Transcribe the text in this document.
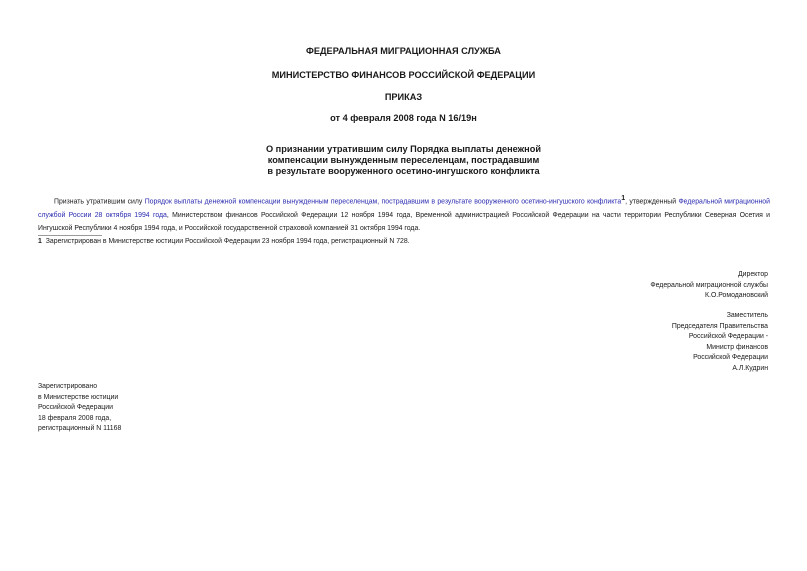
ФЕДЕРАЛЬНАЯ МИГРАЦИОННАЯ СЛУЖБА

МИНИСТЕРСТВО ФИНАНСОВ РОССИЙСКОЙ ФЕДЕРАЦИИ

ПРИКАЗ

от 4 февраля 2008 года N 16/19н

О признании утратившим силу Порядка выплаты денежной

компенсации вынужденным переселенцам, пострадавшим

в результате вооруженного осетино-ингушского конфликта

Признать утратившим силу Порядок выплаты денежной компенсации вынужденным переселенцам, пострадавшим в результате вооруженного осетино-ингушского конфликта$^1$, утвержденный Федеральной миграционной службой России 28 октября 1994 года, Министерством финансов Российской Федерации 12 ноября 1994 года, Временной администрацией Российской Федерации на части территории Республики Северная Осетия и Ингушской Республики 4 ноября 1994 года, и Российской государственной страховой компанией 31 октября 1994 года.

1 Зарегистрирован в Министерстве юстиции Российской Федерации 23 ноября 1994 года, регистрационный N 728.

Директор
Федеральной миграционной службы
К.О.Ромодановский

Заместитель
Председателя Правительства
Российской Федерации -
Министр финансов
Российской Федерации
А.Л.Кудрин

Зарегистрировано
в Министерстве юстиции
Российской Федерации
18 февраля 2008 года,
регистрационный N 11168
